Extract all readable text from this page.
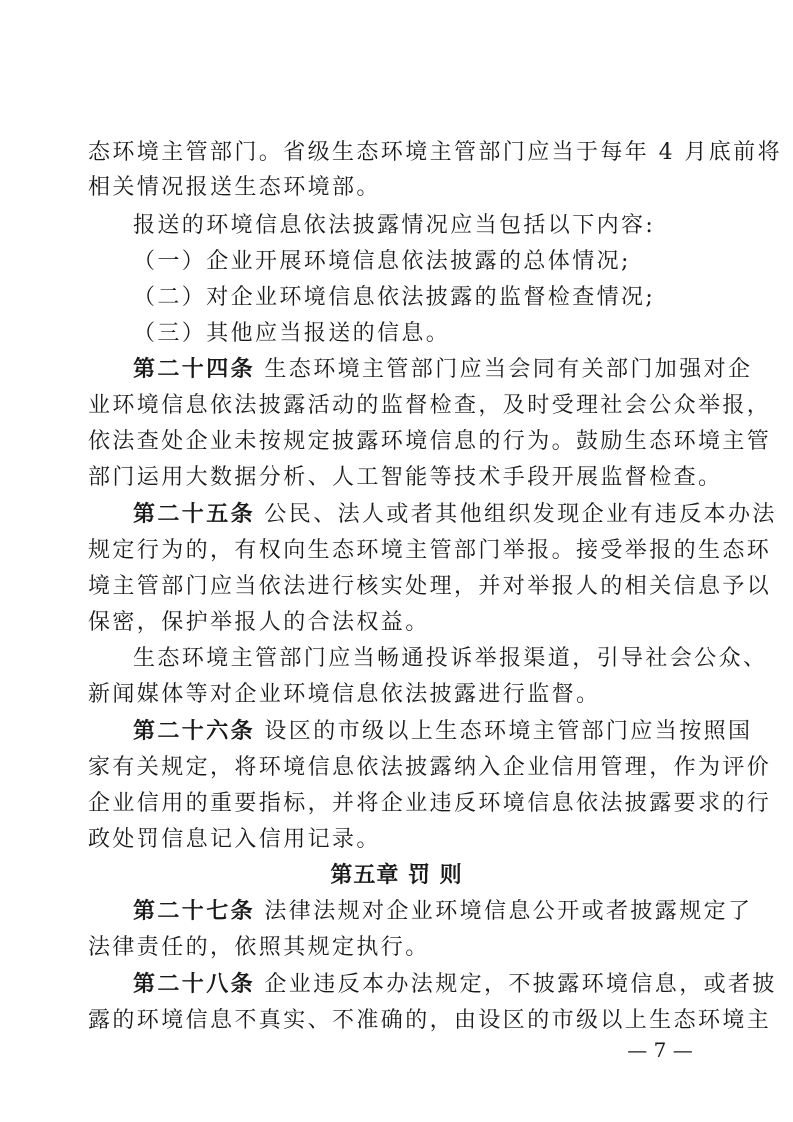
态环境主管部门。省级生态环境主管部门应当于每年 4 月底前将
相关情况报送生态环境部。
报送的环境信息依法披露情况应当包括以下内容:
（一）企业开展环境信息依法披露的总体情况;
（二）对企业环境信息依法披露的监督检查情况;
（三）其他应当报送的信息。
第二十四条 生态环境主管部门应当会同有关部门加强对企
业环境信息依法披露活动的监督检查，及时受理社会公众举报，
依法查处企业未按规定披露环境信息的行为。鼓励生态环境主管
部门运用大数据分析、人工智能等技术手段开展监督检查。
第二十五条 公民、法人或者其他组织发现企业有违反本办法
规定行为的，有权向生态环境主管部门举报。接受举报的生态环
境主管部门应当依法进行核实处理，并对举报人的相关信息予以
保密，保护举报人的合法权益。
生态环境主管部门应当畅通投诉举报渠道，引导社会公众、
新闻媒体等对企业环境信息依法披露进行监督。
第二十六条 设区的市级以上生态环境主管部门应当按照国
家有关规定，将环境信息依法披露纳入企业信用管理，作为评价
企业信用的重要指标，并将企业违反环境信息依法披露要求的行
政处罚信息记入信用记录。
第五章 罚 则
第二十七条 法律法规对企业环境信息公开或者披露规定了
法律责任的，依照其规定执行。
第二十八条 企业违反本办法规定，不披露环境信息，或者披
露的环境信息不真实、不准确的，由设区的市级以上生态环境主
— 7 —
